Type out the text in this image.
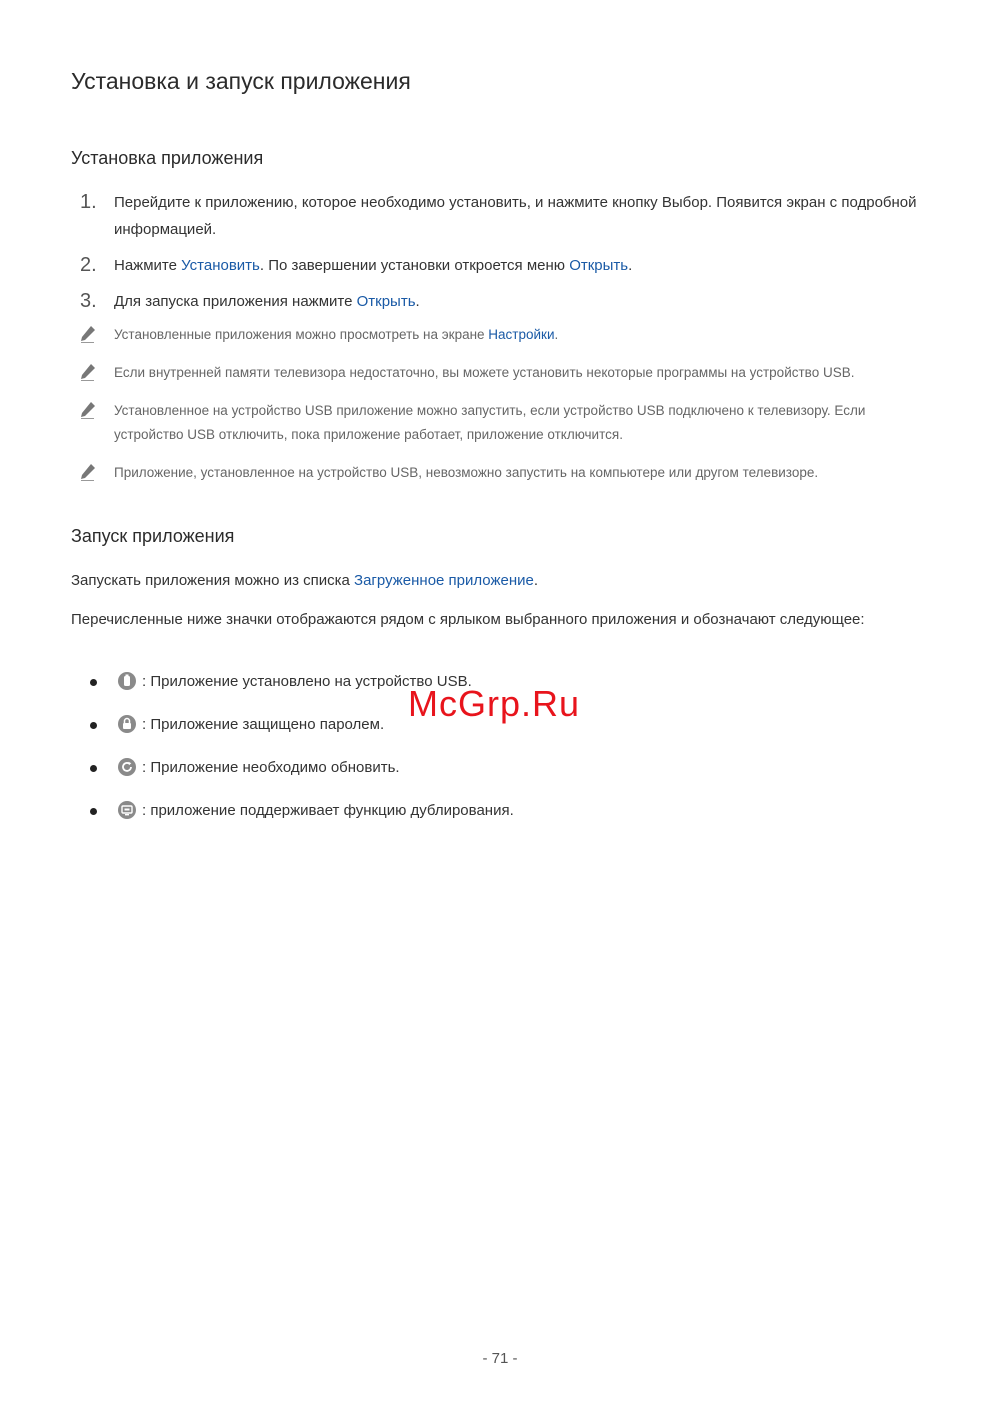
Установка и запуск приложения
Установка приложения
1. Перейдите к приложению, которое необходимо установить, и нажмите кнопку Выбор. Появится экран с подробной информацией.
2. Нажмите Установить. По завершении установки откроется меню Открыть.
3. Для запуска приложения нажмите Открыть.
Установленные приложения можно просмотреть на экране Настройки.
Если внутренней памяти телевизора недостаточно, вы можете установить некоторые программы на устройство USB.
Установленное на устройство USB приложение можно запустить, если устройство USB подключено к телевизору. Если устройство USB отключить, пока приложение работает, приложение отключится.
Приложение, установленное на устройство USB, невозможно запустить на компьютере или другом телевизоре.
Запуск приложения
Запускать приложения можно из списка Загруженное приложение.
Перечисленные ниже значки отображаются рядом с ярлыком выбранного приложения и обозначают следующее:
: Приложение установлено на устройство USB.
: Приложение защищено паролем.
: Приложение необходимо обновить.
: приложение поддерживает функцию дублирования.
McGrp.Ru
- 71 -
